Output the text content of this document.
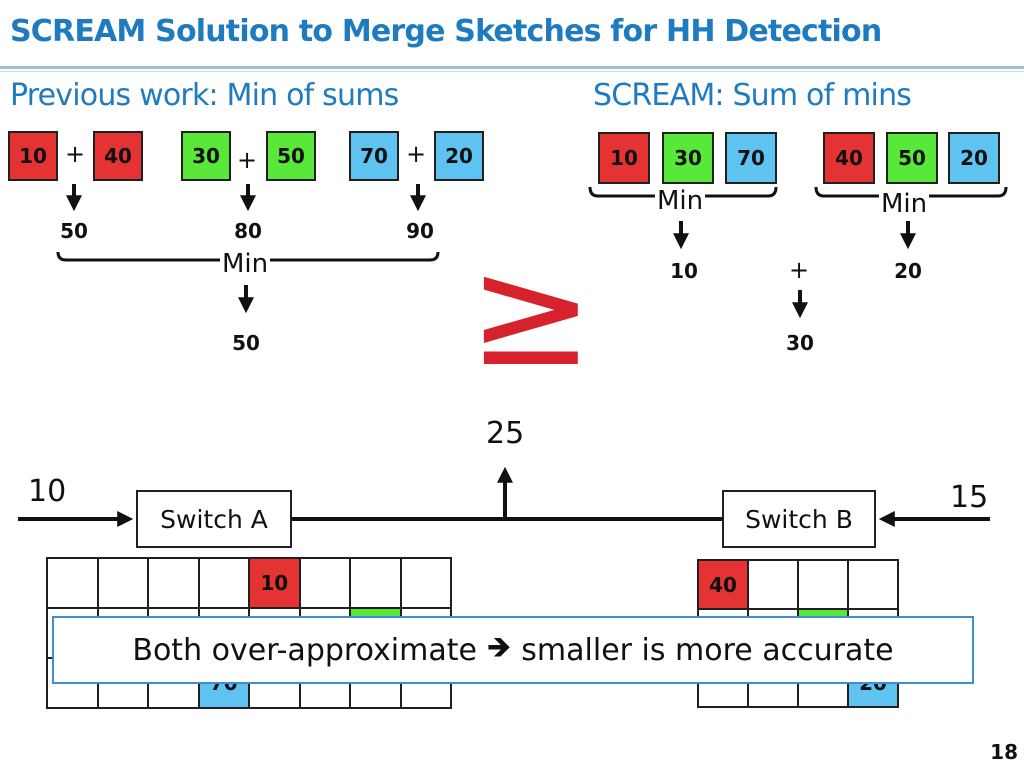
SCREAM Solution to Merge Sketches for HH Detection
Previous work: Min of sums
10 + 40	30 +	50	70 + 20
50	80	90
SCREAM: Sum of mins
10	30	70	40	50	20
10	+	20
Min
Min	Min
50	30
≥
25
10	15
Switch A	Switch B
10	40
Both over-approximate 🡺 smaller is more accurate
18
